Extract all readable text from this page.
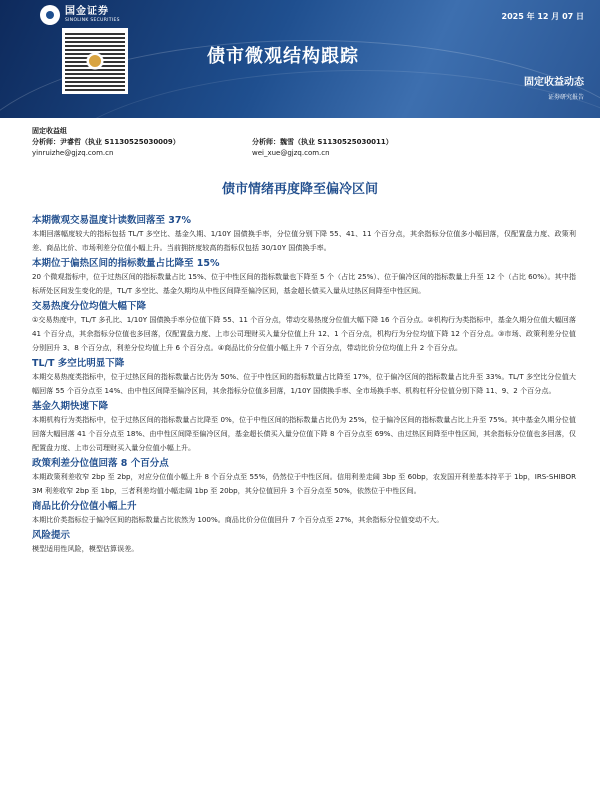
国金证券
SINOLINK SECURITIES	2025 年 12 月 07 日
债市微观结构跟踪
固定收益动态
证券研究报告
固定收益组
分析师：尹睿哲（执业 S1130525030009）
yinruizhe@gjzq.com.cn
分析师：魏雪（执业 S1130525030011）
wei_xue@gjzq.com.cn
债市情绪再度降至偏冷区间
本期微观交易温度计读数回落至 37%

本期回落幅度较大的指标包括 TL/T 多空比、基金久期、1/10Y 国债换手率，分位值分别下降 55、41、11 个百分点，其余指标分位值多小幅回落，仅配置盘力度、政策利差、商品比价、市场利差分位值小幅上升。当前拥挤度较高的指标仅包括 30/10Y 国债换手率。

本期位于偏热区间的指标数量占比降至 15%

20 个微观指标中，位于过热区间的指标数量占比 15%、位于中性区间的指标数量也下降至 5 个（占比 25%）、位于偏冷区间的指标数量上升至 12 个（占比 60%）。其中指标所处区间发生变化的是，TL/T 多空比、基金久期均从中性区间降至偏冷区间，基金超长债买入量从过热区间降至中性区间。

交易热度分位均值大幅下降

①交易热度中，TL/T 多孔比、1/10Y 国债换手率分位值下降 55、11 个百分点，带动交易热度分位值大幅下降 16 个百分点。②机构行为类指标中，基金久期分位值大幅回落 41 个百分点，其余指标分位值也多回落，仅配置盘力度、上市公司理财买入量分位值上升 12、1 个百分点，机构行为分位均值下降 12 个百分点。③市场、政策利差分位值分别回升 3、8 个百分点，利差分位均值上升 6 个百分点。④商品比价分位值小幅上升 7 个百分点，带动比价分位均值上升 2 个百分点。

TL/T 多空比明显下降

本期交易热度类指标中，位于过热区间的指标数量占比仍为 50%、位于中性区间的指标数量占比降至 17%，位于偏冷区间的指标数量占比升至 33%。TL/T 多空比分位值大幅回落 55 个百分点至 14%、由中性区间降至偏冷区间，其余指标分位值多回落，1/10Y 国债换手率、全市场换手率、机构杠杆分位值分别下降 11、9、2 个百分点。

基金久期快速下降

本期机构行为类指标中，位于过热区间的指标数量占比降至 0%，位于中性区间的指标数量占比仍为 25%，位于偏冷区间的指标数量占比上升至 75%。其中基金久期分位值回落大幅回落 41 个百分点至 18%、由中性区间降至偏冷区间，基金超长债买入量分位值下降 8 个百分点至 69%、由过热区间降至中性区间，其余指标分位值也多回落，仅配置盘力度、上市公司理财买入量分位值小幅上升。

政策利差分位值回落 8 个百分点

本期政策利差收窄 2bp 至 2bp，对应分位值小幅上升 8 个百分点至 55%，仍然位于中性区间。信用利差走阔 3bp 至 60bp，农发国开利差基本持平于 1bp，IRS-SHIBOR 3M 利差收窄 2bp 至 1bp，三者利差均值小幅走阔 1bp 至 20bp，其分位值回升 3 个百分点至 50%，依然位于中性区间。

商品比价分位值小幅上升

本期比价类指标位于偏冷区间的指标数量占比依然为 100%。商品比价分位值回升 7 个百分点至 27%，其余指标分位值变动不大。

风险提示

模型适用性风险，模型估算误差。
